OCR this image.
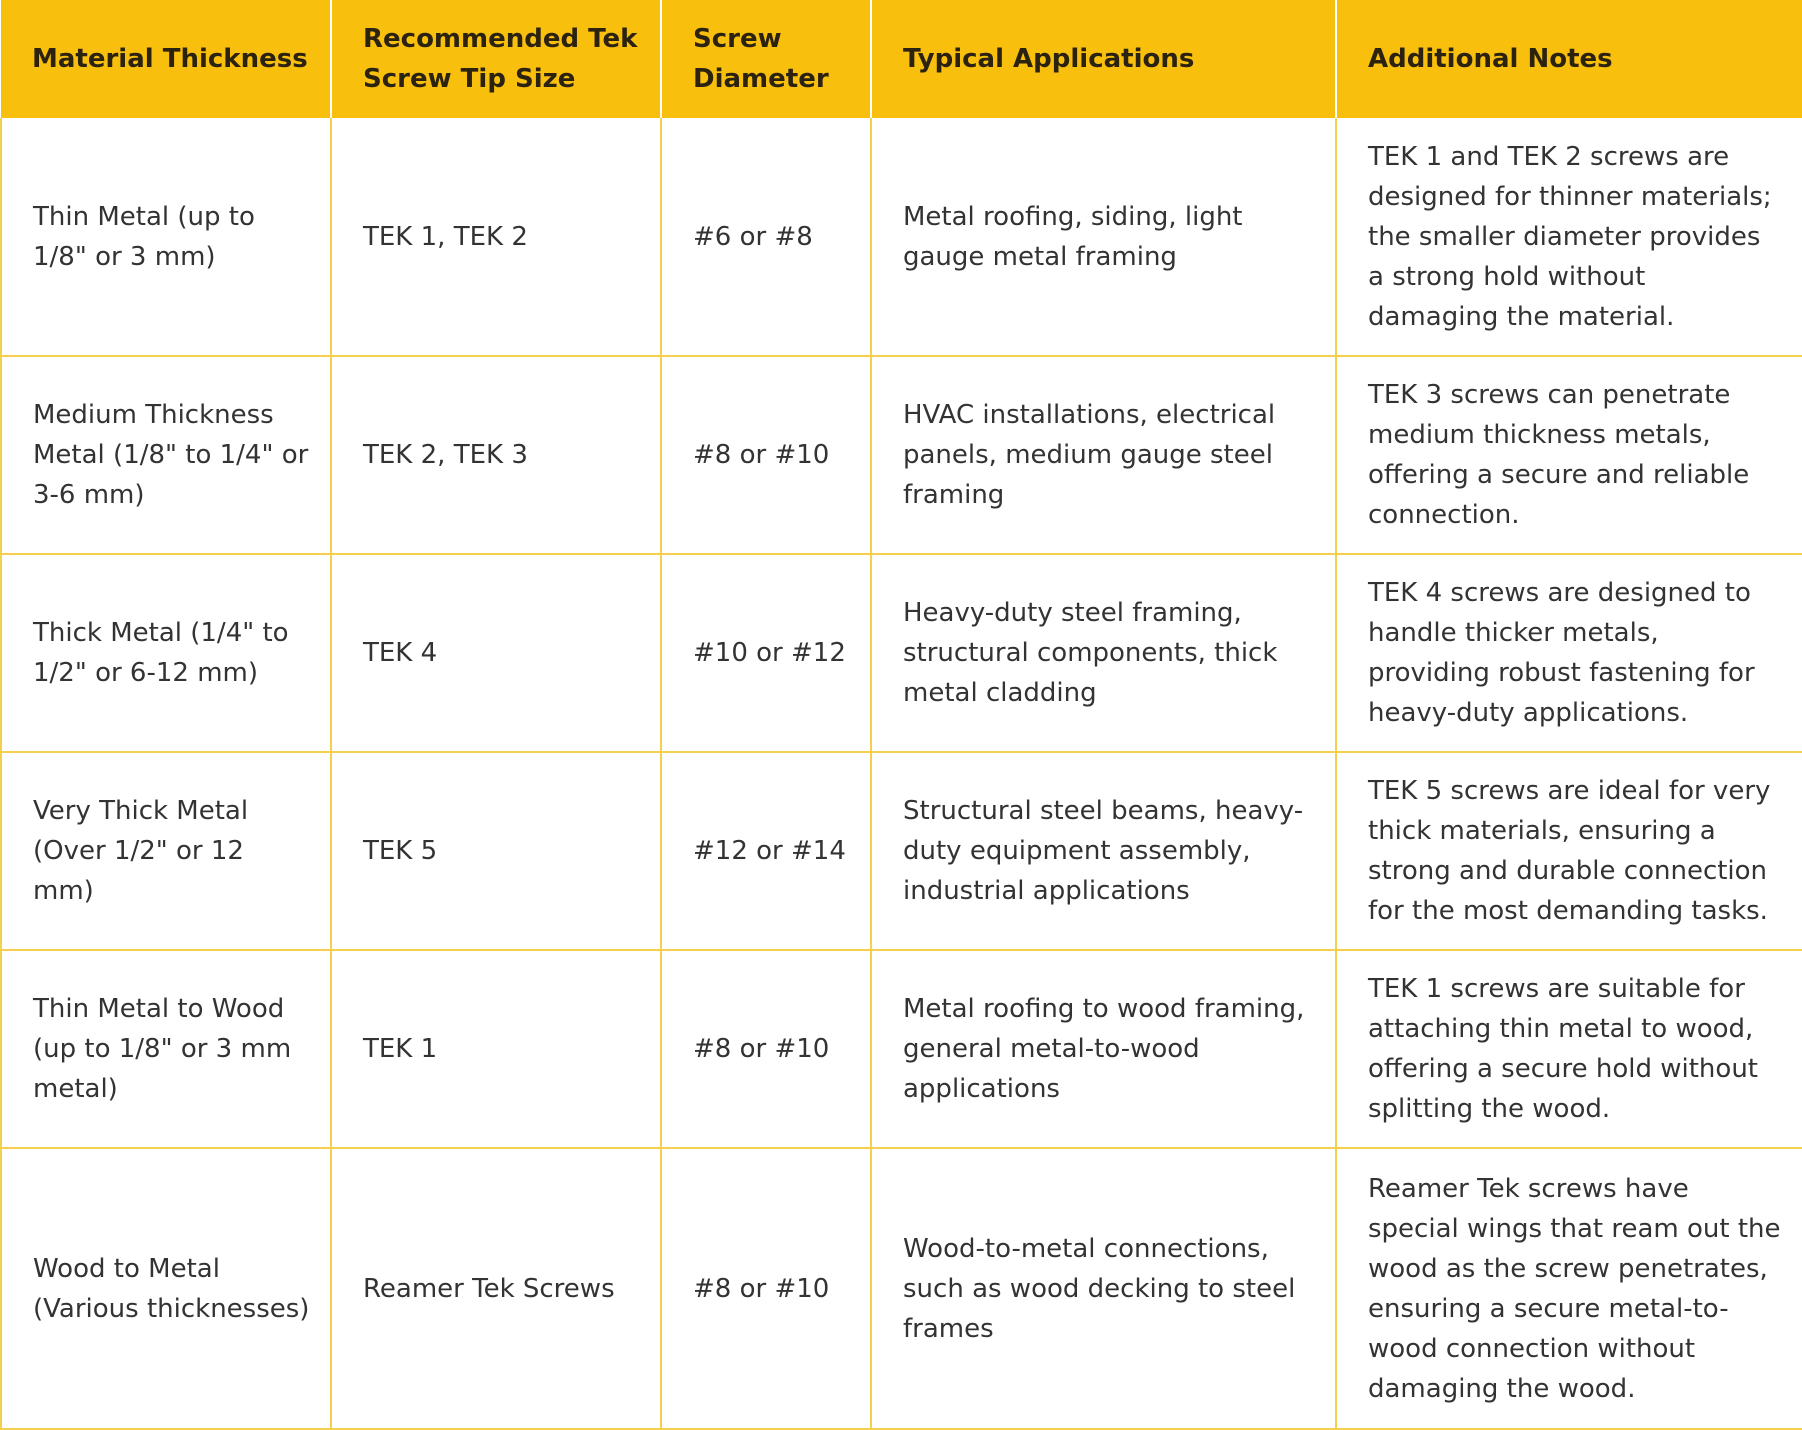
Material Thickness	Recommended Tek Screw Tip Size	Screw Diameter	Typical Applications	Additional Notes
Thin Metal (up to 1/8" or 3 mm)	TEK 1, TEK 2	#6 or #8	Metal roofing, siding, light gauge metal framing	TEK 1 and TEK 2 screws are designed for thinner materials; the smaller diameter provides a strong hold without damaging the material.
Medium Thickness Metal (1/8" to 1/4" or 3-6 mm)	TEK 2, TEK 3	#8 or #10	HVAC installations, electrical panels, medium gauge steel framing	TEK 3 screws can penetrate medium thickness metals, offering a secure and reliable connection.
Thick Metal (1/4" to 1/2" or 6-12 mm)	TEK 4	#10 or #12	Heavy-duty steel framing, structural components, thick metal cladding	TEK 4 screws are designed to handle thicker metals, providing robust fastening for heavy-duty applications.
Very Thick Metal (Over 1/2" or 12 mm)	TEK 5	#12 or #14	Structural steel beams, heavy-duty equipment assembly, industrial applications	TEK 5 screws are ideal for very thick materials, ensuring a strong and durable connection for the most demanding tasks.
Thin Metal to Wood (up to 1/8" or 3 mm metal)	TEK 1	#8 or #10	Metal roofing to wood framing, general metal-to-wood applications	TEK 1 screws are suitable for attaching thin metal to wood, offering a secure hold without splitting the wood.
Wood to Metal (Various thicknesses)	Reamer Tek Screws	#8 or #10	Wood-to-metal connections, such as wood decking to steel frames	Reamer Tek screws have special wings that ream out the wood as the screw penetrates, ensuring a secure metal-to-wood connection without damaging the wood.
